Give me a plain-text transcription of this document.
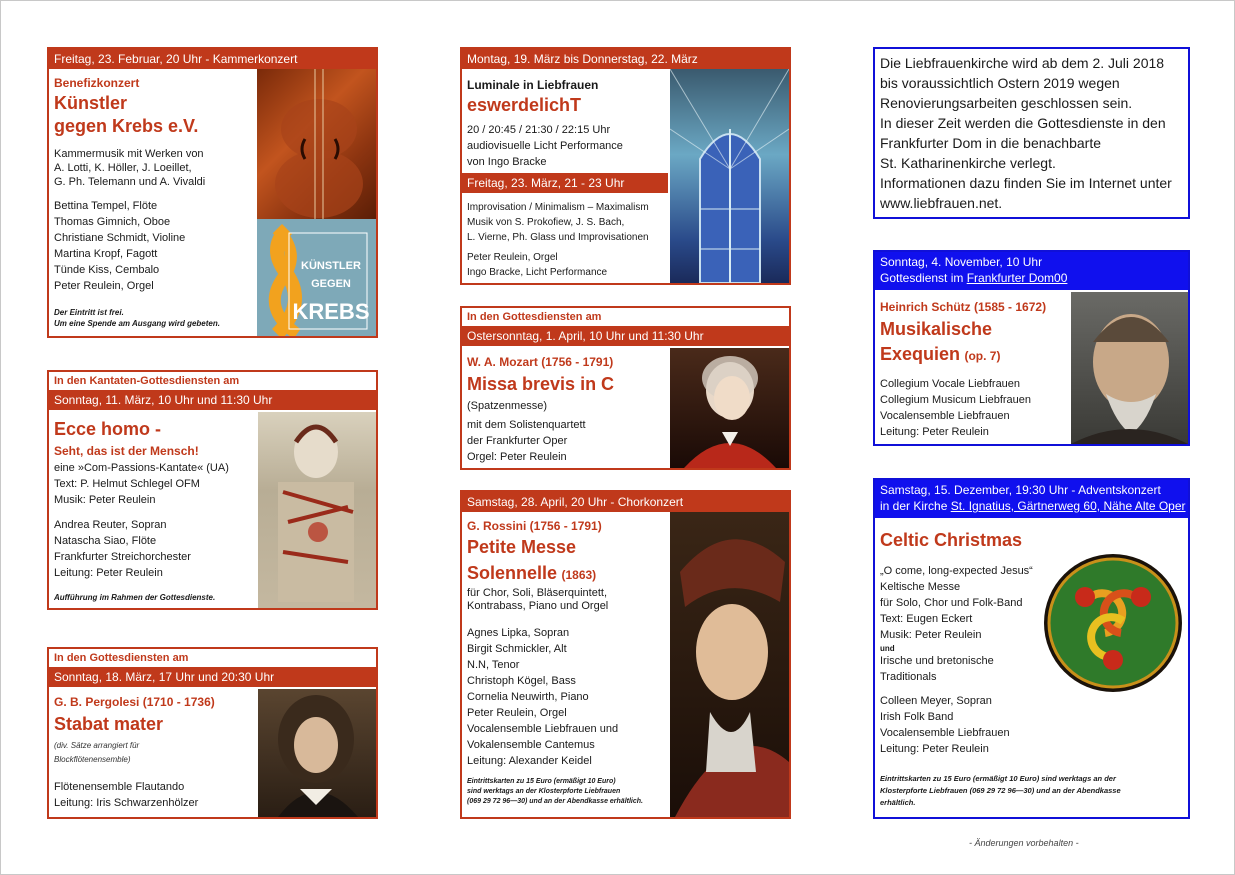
Freitag, 23. Februar, 20 Uhr - Kammerkonzert
Benefizkonzert
Künstler
gegen Krebs e.V.
Kammermusik mit Werken von
A. Lotti, K. Höller, J. Loeillet,
G. Ph. Telemann und A. Vivaldi
Bettina Tempel, Flöte
Thomas Gimnich, Oboe
Christiane Schmidt, Violine
Martina Kropf, Fagott
Tünde Kiss, Cembalo
Peter Reulein, Orgel
Der Eintritt ist frei.
Um eine Spende am Ausgang wird gebeten.
KÜNSTLER
GEGEN
KREBS
In den Kantaten-Gottesdiensten am
Sonntag, 11. März, 10 Uhr und 11:30 Uhr
Ecce homo -
Seht, das ist der Mensch!
eine »Com-Passions-Kantate« (UA)
Text: P. Helmut Schlegel OFM
Musik: Peter Reulein
Andrea Reuter, Sopran
Natascha Siao, Flöte
Frankfurter Streichorchester
Leitung: Peter Reulein
Aufführung im Rahmen der Gottesdienste.
In den Gottesdiensten am
Sonntag, 18. März, 17 Uhr und 20:30 Uhr
G. B. Pergolesi (1710 - 1736)
Stabat mater
(div. Sätze arrangiert für
Blockflötenensemble)
Flötenensemble Flautando
Leitung: Iris Schwarzenhölzer
Montag, 19. März bis Donnerstag, 22. März
Luminale in Liebfrauen
eswerdelichT
20 / 20:45 / 21:30 / 22:15 Uhr
audiovisuelle Licht Performance
von Ingo Bracke
Freitag, 23. März, 21 - 23 Uhr
Improvisation / Minimalism – Maximalism
Musik von S. Prokofiew, J. S. Bach,
L. Vierne, Ph. Glass und Improvisationen
Peter Reulein, Orgel
Ingo Bracke, Licht Performance
In den Gottesdiensten am
Ostersonntag, 1. April, 10 Uhr und 11:30 Uhr
W. A. Mozart (1756 - 1791)
Missa brevis in C
(Spatzenmesse)
mit dem Solistenquartett
der Frankfurter Oper
Orgel: Peter Reulein
Samstag, 28. April, 20 Uhr - Chorkonzert
G. Rossini (1756 - 1791)
Petite Messe
Solennelle (1863)
für Chor, Soli, Bläserquintett,
Kontrabass, Piano und Orgel
Agnes Lipka, Sopran
Birgit Schmickler, Alt
N.N, Tenor
Christoph Kögel, Bass
Cornelia Neuwirth, Piano
Peter Reulein, Orgel
Vocalensemble Liebfrauen und
Vokalensemble Cantemus
Leitung: Alexander Keidel
Eintrittskarten zu 15 Euro (ermäßigt 10 Euro)
sind werktags an der Klosterpforte Liebfrauen
(069 29 72 96—30) und an der Abendkasse erhältlich.
Die Liebfrauenkirche wird ab dem 2. Juli 2018
bis voraussichtlich Ostern 2019 wegen
Renovierungsarbeiten geschlossen sein.
In dieser Zeit werden die Gottesdienste in den
Frankfurter Dom in die benachbarte
St. Katharinenkirche verlegt.
Informationen dazu finden Sie im Internet unter
www.liebfrauen.net.
Sonntag, 4. November, 10 Uhr
Gottesdienst im Frankfurter Dom00
Heinrich Schütz (1585 - 1672)
Musikalische
Exequien (op. 7)
Collegium Vocale Liebfrauen
Collegium Musicum Liebfrauen
Vocalensemble Liebfrauen
Leitung: Peter Reulein
Samstag, 15. Dezember, 19:30 Uhr - Adventskonzert
in der Kirche St. Ignatius, Gärtnerweg 60, Nähe Alte Oper
Celtic Christmas
„O come, long-expected Jesus“
Keltische Messe
für Solo, Chor und Folk-Band
Text: Eugen Eckert
Musik: Peter Reulein
und
Irische und bretonische
Traditionals
Colleen Meyer, Sopran
Irish Folk Band
Vocalensemble Liebfrauen
Leitung: Peter Reulein
Eintrittskarten zu 15 Euro (ermäßigt 10 Euro) sind werktags an der
Klosterpforte Liebfrauen (069 29 72 96—30) und an der Abendkasse
erhältlich.
- Änderungen vorbehalten -
